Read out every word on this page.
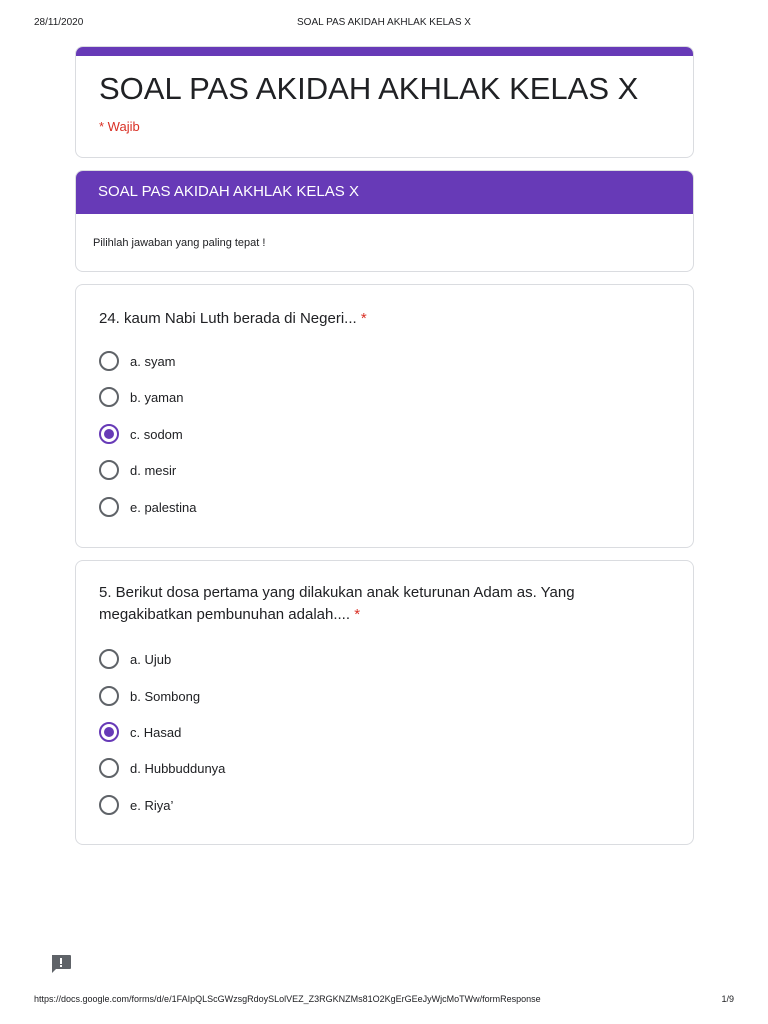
28/11/2020	SOAL PAS AKIDAH AKHLAK KELAS X
SOAL PAS AKIDAH AKHLAK KELAS X
* Wajib
SOAL PAS AKIDAH AKHLAK KELAS X
Pilihlah jawaban yang paling tepat !
24. kaum Nabi Luth berada di Negeri... *
a. syam
b. yaman
c. sodom
d. mesir
e. palestina
5. Berikut dosa pertama yang dilakukan anak keturunan Adam as. Yang megakibatkan pembunuhan adalah.... *
a. Ujub
b. Sombong
c. Hasad
d. Hubbuddunya
e. Riya’
https://docs.google.com/forms/d/e/1FAIpQLScGWzsgRdoySLolVEZ_Z3RGKNZMs81O2KgErGEeJyWjcMoTWw/formResponse	1/9
